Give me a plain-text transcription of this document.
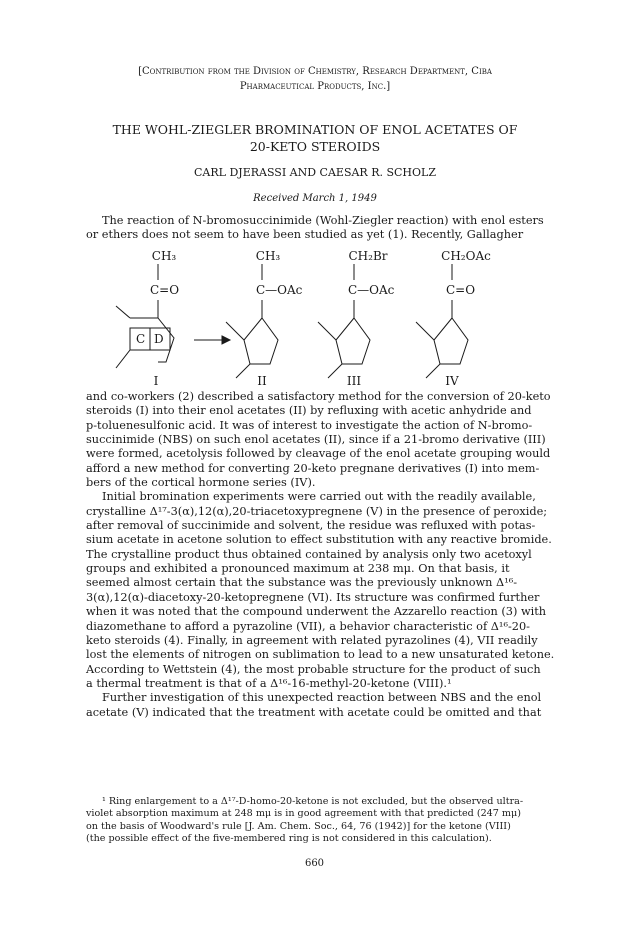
[Contribution from the Division of Chemistry, Research Department, Ciba
Pharmaceutical Products, Inc.]
THE WOHL-ZIEGLER BROMINATION OF ENOL ACETATES OF
20-KETO STEROIDS
CARL DJERASSI AND CAESAR R. SCHOLZ
Received March 1, 1949

The reaction of N-bromosuccinimide (Wohl-Ziegler reaction) with enol esters
or ethers does not seem to have been studied as yet (1). Recently, Gallagher

CH₃	CH₃	CH₂Br	CH₂OAc
C=O	C—OAc	C—OAc	C=O
C D
I	II	III	IV

and co-workers (2) described a satisfactory method for the conversion of 20-keto
steroids (I) into their enol acetates (II) by refluxing with acetic anhydride and
p-toluenesulfonic acid. It was of interest to investigate the action of N-bromo-
succinimide (NBS) on such enol acetates (II), since if a 21-bromo derivative (III)
were formed, acetolysis followed by cleavage of the enol acetate grouping would
afford a new method for converting 20-keto pregnane derivatives (I) into mem-
bers of the cortical hormone series (IV).
Initial bromination experiments were carried out with the readily available,
crystalline Δ¹⁷-3(α),12(α),20-triacetoxypregnene (V) in the presence of peroxide;
after removal of succinimide and solvent, the residue was refluxed with potas-
sium acetate in acetone solution to effect substitution with any reactive bromide.
The crystalline product thus obtained contained by analysis only two acetoxyl
groups and exhibited a pronounced maximum at 238 mμ. On that basis, it
seemed almost certain that the substance was the previously unknown Δ¹⁶-
3(α),12(α)-diacetoxy-20-ketopregnene (VI). Its structure was confirmed further
when it was noted that the compound underwent the Azzarello reaction (3) with
diazomethane to afford a pyrazoline (VII), a behavior characteristic of Δ¹⁶-20-
keto steroids (4). Finally, in agreement with related pyrazolines (4), VII readily
lost the elements of nitrogen on sublimation to lead to a new unsaturated ketone.
According to Wettstein (4), the most probable structure for the product of such
a thermal treatment is that of a Δ¹⁶-16-methyl-20-ketone (VIII).¹
Further investigation of this unexpected reaction between NBS and the enol
acetate (V) indicated that the treatment with acetate could be omitted and that

¹ Ring enlargement to a Δ¹⁷-D-homo-20-ketone is not excluded, but the observed ultra-
violet absorption maximum at 248 mμ is in good agreement with that predicted (247 mμ)
on the basis of Woodward's rule [J. Am. Chem. Soc., 64, 76 (1942)] for the ketone (VIII)
(the possible effect of the five-membered ring is not considered in this calculation).

660
